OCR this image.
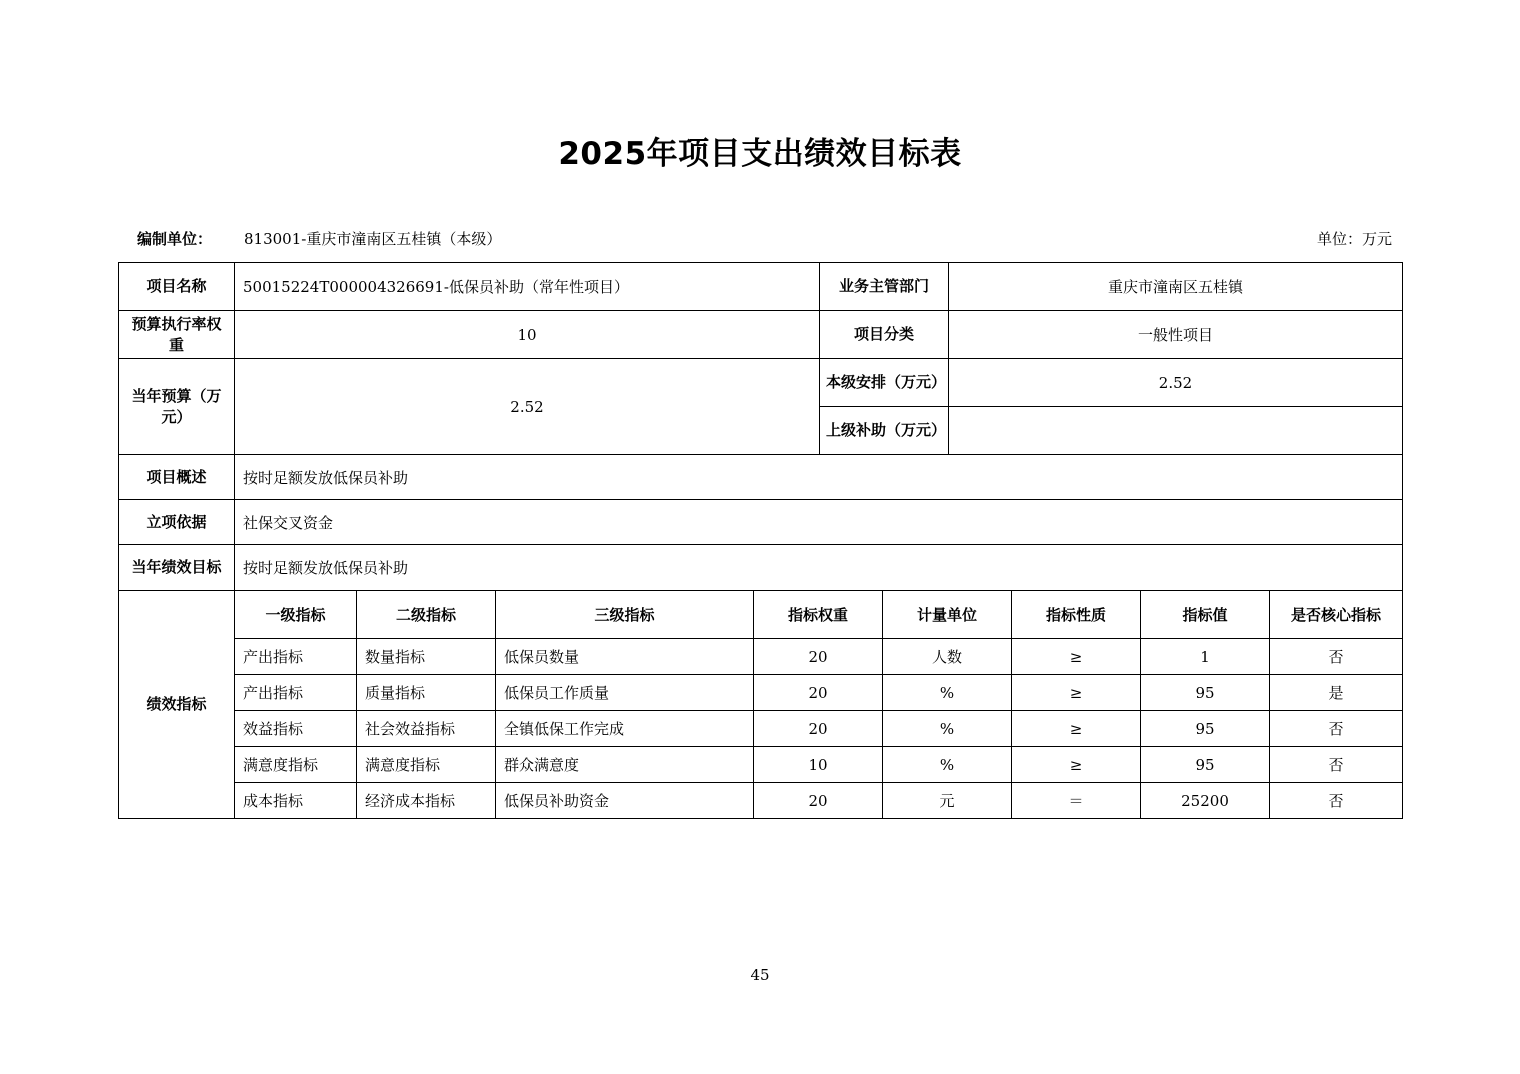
2025年项目支出绩效目标表
编制单位： 813001-重庆市潼南区五桂镇（本级）	单位：万元
项目名称	50015224T000004326691-低保员补助（常年性项目）	业务主管部门	重庆市潼南区五桂镇
预算执行率权重	10	项目分类	一般性项目
当年预算（万元）	2.52	本级安排（万元）	2.52
		上级补助（万元）	
项目概述	按时足额发放低保员补助		
立项依据	社保交叉资金		
当年绩效目标	按时足额发放低保员补助		
绩效指标	一级指标	二级指标	三级指标	指标权重	计量单位	指标性质	指标值	是否核心指标
	产出指标	数量指标	低保员数量	20	人数	≥	1	否
	产出指标	质量指标	低保员工作质量	20	%	≥	95	是
	效益指标	社会效益指标	全镇低保工作完成	20	%	≥	95	否
	满意度指标	满意度指标	群众满意度	10	%	≥	95	否
	成本指标	经济成本指标	低保员补助资金	20	元	＝	25200	否
45
